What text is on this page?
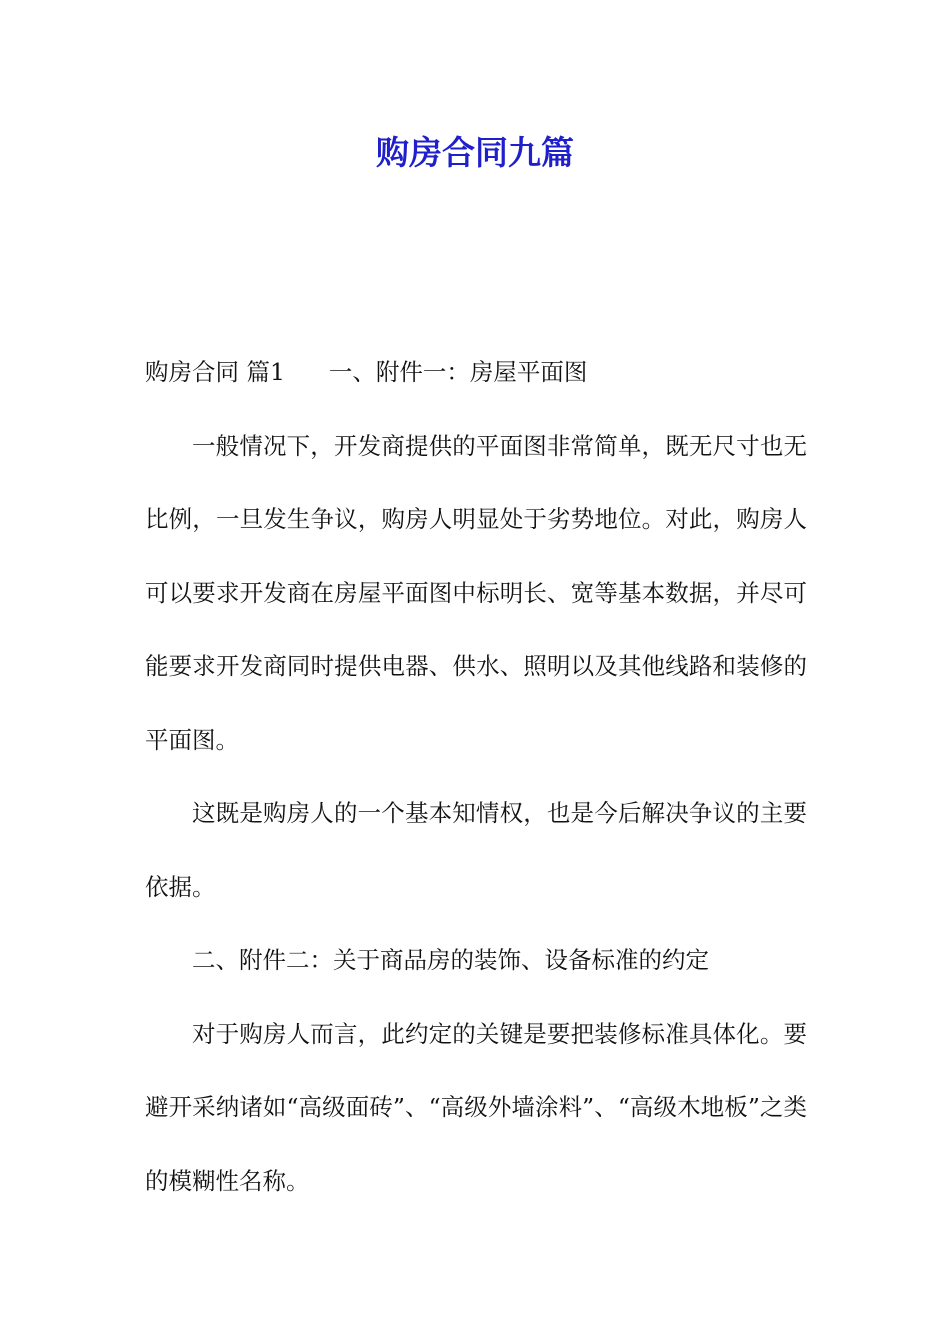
购房合同九篇

购房合同 篇1 一、附件一：房屋平面图

一般情况下，开发商提供的平面图非常简单，既无尺寸也无比例，一旦发生争议，购房人明显处于劣势地位。对此，购房人可以要求开发商在房屋平面图中标明长、宽等基本数据，并尽可能要求开发商同时提供电器、供水、照明以及其他线路和装修的平面图。

这既是购房人的一个基本知情权，也是今后解决争议的主要依据。

二、附件二：关于商品房的装饰、设备标准的约定

对于购房人而言，此约定的关键是要把装修标准具体化。要避开采纳诸如“高级面砖”、“高级外墙涂料”、“高级木地板”之类的模糊性名称。
